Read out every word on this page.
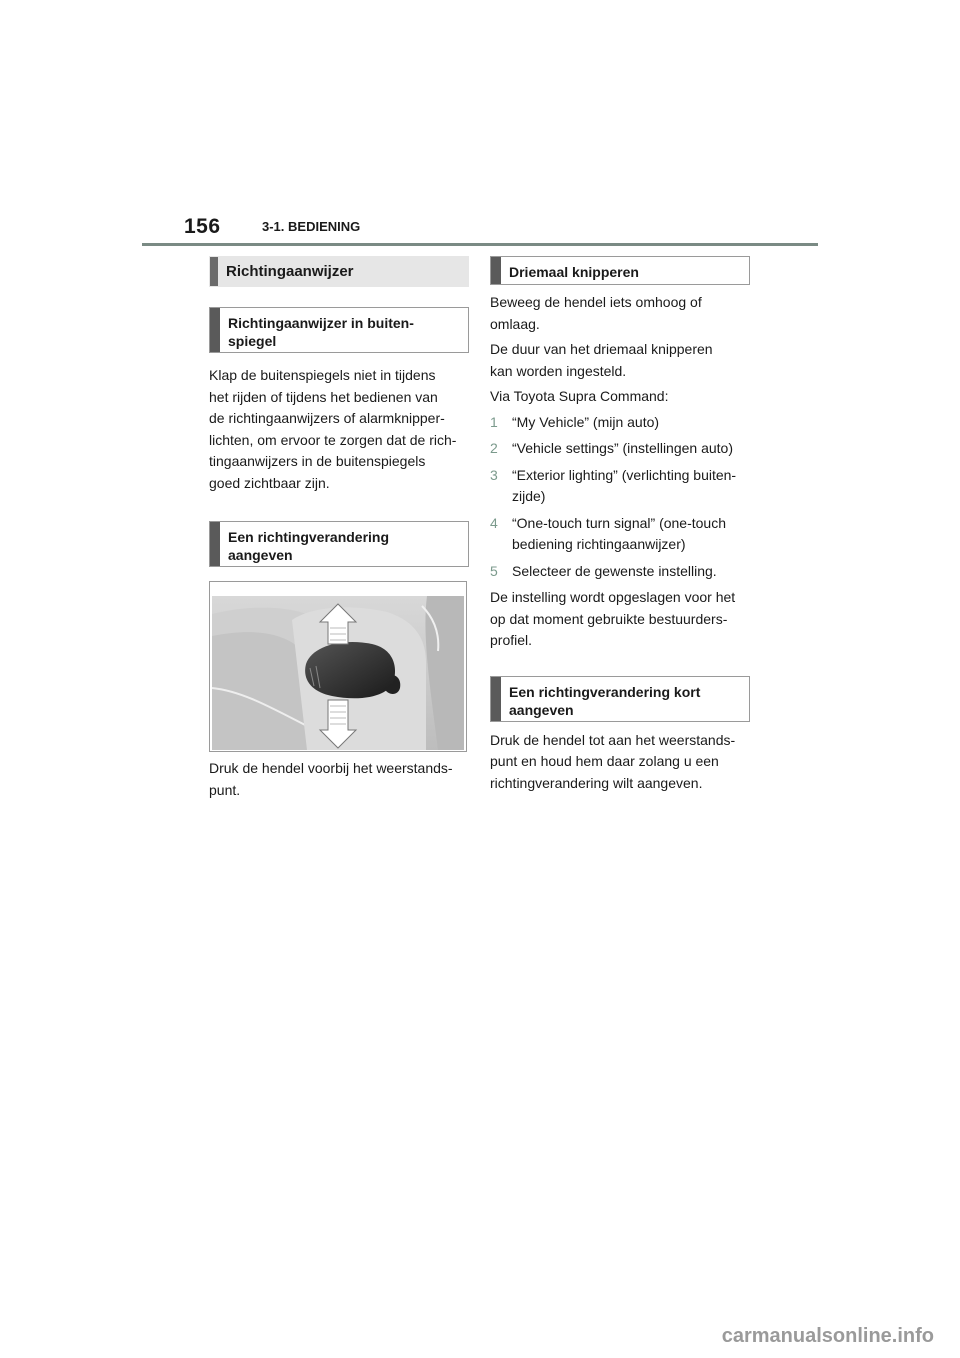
156	3-1. BEDIENING
Richtingaanwijzer
Richtingaanwijzer in buiten-
spiegel

Klap de buitenspiegels niet in tijdens

het rijden of tijdens het bedienen van

de richtingaanwijzers of alarmknipper-

lichten, om ervoor te zorgen dat de rich-

tingaanwijzers in de buitenspiegels

goed zichtbaar zijn.

Een richtingverandering
aangeven

Druk de hendel voorbij het weerstands-

punt.

Driemaal knipperen

Beweeg de hendel iets omhoog of

omlaag.

De duur van het driemaal knipperen

kan worden ingesteld.

Via Toyota Supra Command:

1 “My Vehicle” (mijn auto)
2 “Vehicle settings” (instellingen auto)
3 “Exterior lighting” (verlichting buiten-
zijde)
4 “One-touch turn signal” (one-touch
bediening richtingaanwijzer)
5 Selecteer de gewenste instelling.

De instelling wordt opgeslagen voor het

op dat moment gebruikte bestuurders-

profiel.

Een richtingverandering kort
aangeven

Druk de hendel tot aan het weerstands-

punt en houd hem daar zolang u een

richtingverandering wilt aangeven.

carmanualsonline.info
